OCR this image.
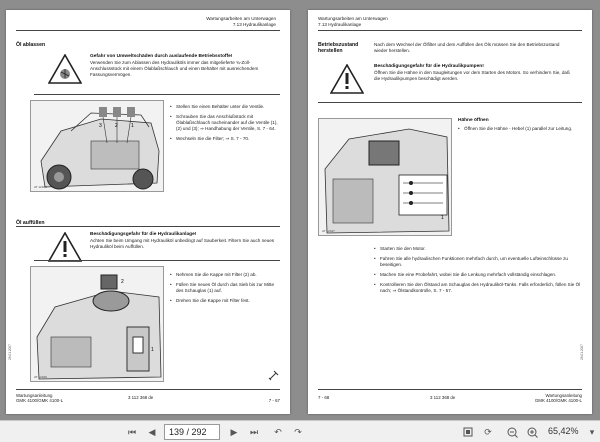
Wartungsarbeiten am Unterwagen
7.13 Hydraulikanlage
Öl ablassen
Gefahr von Umweltschäden durch auslaufende Betriebsstoffe!
Verwenden Sie zum Ablassen des Hydrauliköls immer das mitgelieferte ¾-Zoll-Anschlussstück mit einem Ölablaßschlauch und einen Behälter mit ausreichendem Fassungsvermögen.
3	2	1
AT 12345
• Stellen Sie einen Behälter unter die Ventile.
• Schrauben Sie das Anschlußstück mit Ölablaßschlauch nacheinander auf die Ventile (1), (2) und (3); ⇒ Handhabung der Ventile, S. 7 - 64.
• Wechseln Sie die Filter; ⇒ S. 7 - 70.
Öl auffüllen
Beschädigungsgefahr für die Hydraulikanlage!
Achten Sie beim Umgang mit Hydrauliköl unbedingt auf Sauberkeit. Filtern Sie auch neues Hydrauliköl beim Auffüllen.
2
1
AT 12346
• Nehmen Sie die Kappe mit Filter (2) ab.
• Füllen Sie neues Öl durch das Sieb bis zur Mitte des Schauglas (1) auf.
• Drehen Sie die Kappe mit Filter fest.
28.01.2007
Wartungsanleitung
GMK 4100/GMK 4100-L
3 112 368 de
7 - 67
Wartungsarbeiten am Unterwagen
7.13 Hydraulikanlage
Betriebszustand herstellen
Nach dem Wechsel der Ölfilter und dem Auffüllen des Öls müssen Sie den Betriebszustand wieder herstellen.
Beschädigungsgefahr für die Hydraulikpumpen!
Öffnen Sie die Hähne in den Saugleitungen vor dem Starten des Motors. So verhindern Sie, daß die Hydraulikpumpen beschädigt werden.
1
AT 12347
Hähne öffnen
• Öffnen Sie die Hähne - Hebel (1) parallel zur Leitung.
• Starten Sie den Motor.
• Fahren Sie alle hydraulischen Funktionen mehrfach durch, um eventuelle Lufteinschlüsse zu beseitigen.
• Machen Sie eine Probefahrt, wobei Sie die Lenkung mehrfach vollständig einschlagen.
• Kontrollieren Sie den Ölstand am Schauglas des Hydrauliköl-Tanks. Falls erforderlich, füllen Sie Öl nach; ⇒ Ölstandkontrolle, S. 7 - 57.
28.01.2007
7 - 68	3 112 368 de	Wartungsanleitung
GMK 4100/GMK 4100-L
⏮	◀	139 / 292	▶	⏭	↶	↷	⟳	65,42%	▾
